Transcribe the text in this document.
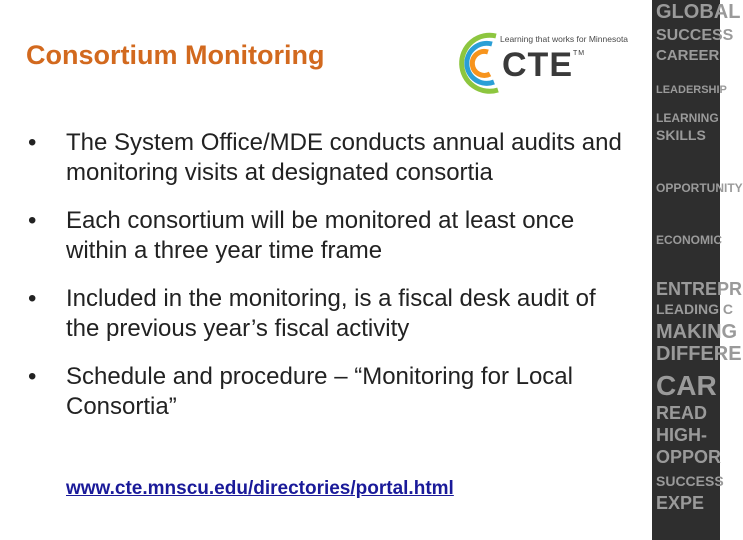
Consortium Monitoring
Learning that works for Minnesota
CTE™
• The System Office/MDE conducts annual audits and monitoring visits at designated consortia
• Each consortium will be monitored at least once within a three year time frame
• Included in the monitoring, is a fiscal desk audit of the previous year’s fiscal activity
• Schedule and procedure – “Monitoring for Local Consortia”
www.cte.mnscu.edu/directories/portal.html
GLOBAL
SUCCESS
CAREER
LEADERSHIP
LEARNING
SKILLS
OPPORTUNITY
ECONOMIC
ENTREPR
LEADING C
MAKING
DIFFERE
CAR
READ
HIGH-
OPPOR
SUCCESS
EXPE
